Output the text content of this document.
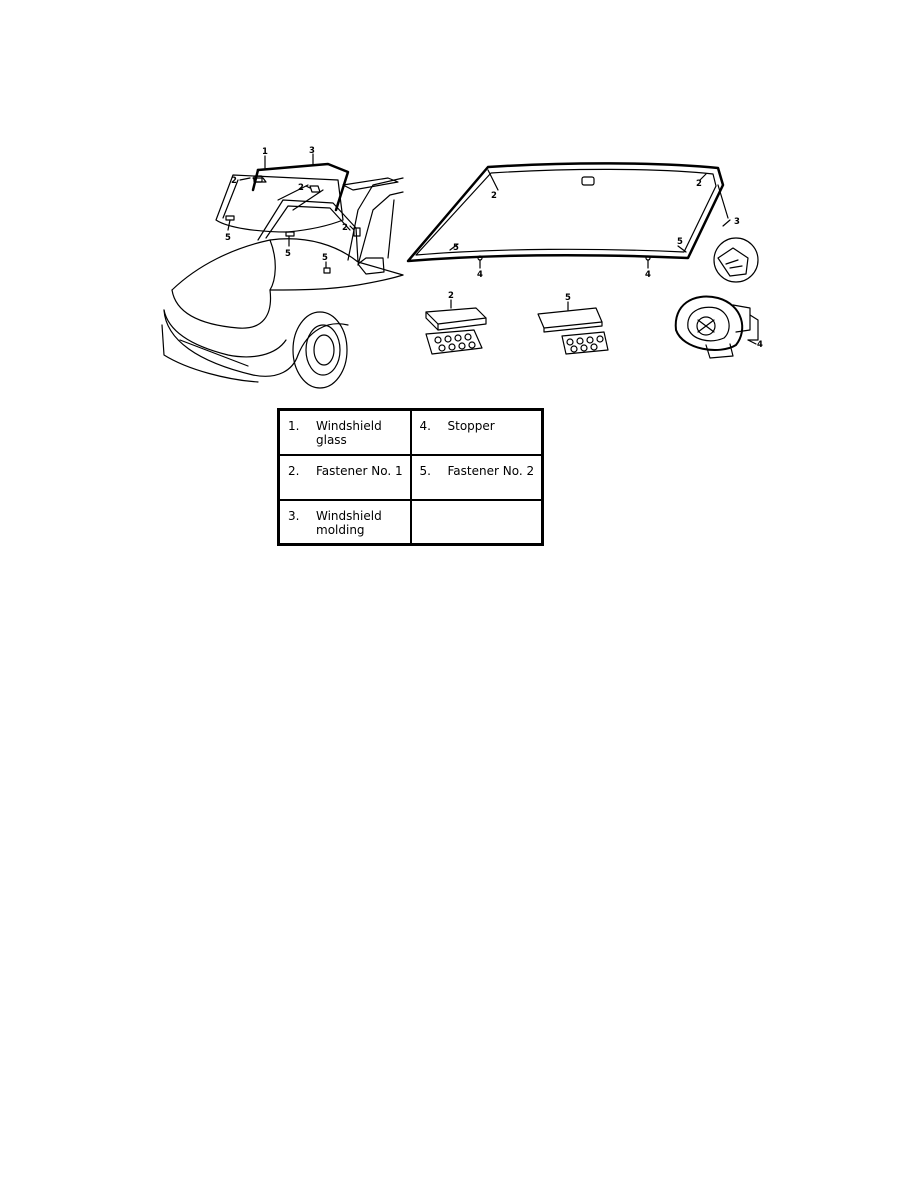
1	3
2
2
2
5
5	5
2
2
3
5
5
4	4
2	5
4
1. Windshield glass	4. Stopper

2. Fastener No. 1	5. Fastener No. 2

3. Windshield molding	
